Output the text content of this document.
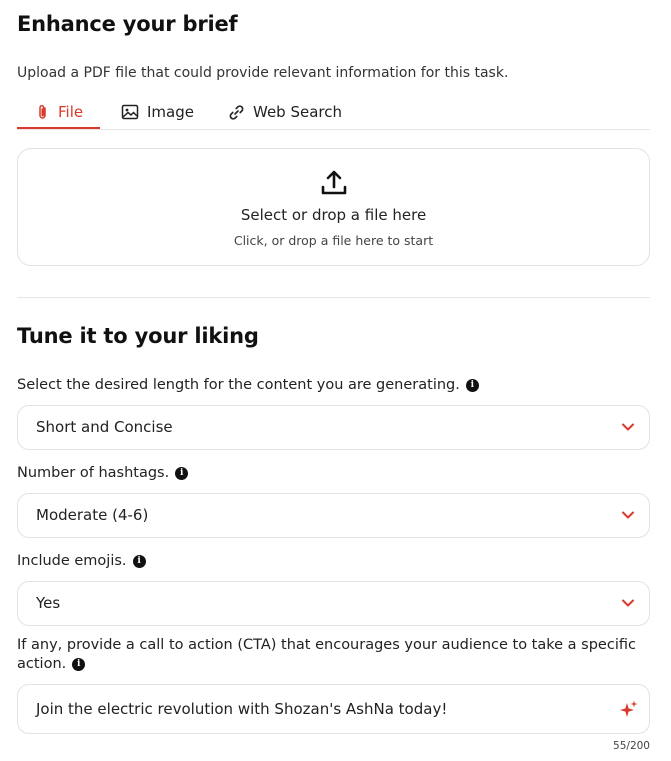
Enhance your brief
Upload a PDF file that could provide relevant information for this task.
File	Image	Web Search
Select or drop a file here
Click, or drop a file here to start
Tune it to your liking
Select the desired length for the content you are generating.	i
Short and Concise
Number of hashtags.	i
Moderate (4-6)
Include emojis.	i
Yes
If any, provide a call to action (CTA) that encourages your audience to take a specific action. i
Join the electric revolution with Shozan's AshNa today!
55/200
